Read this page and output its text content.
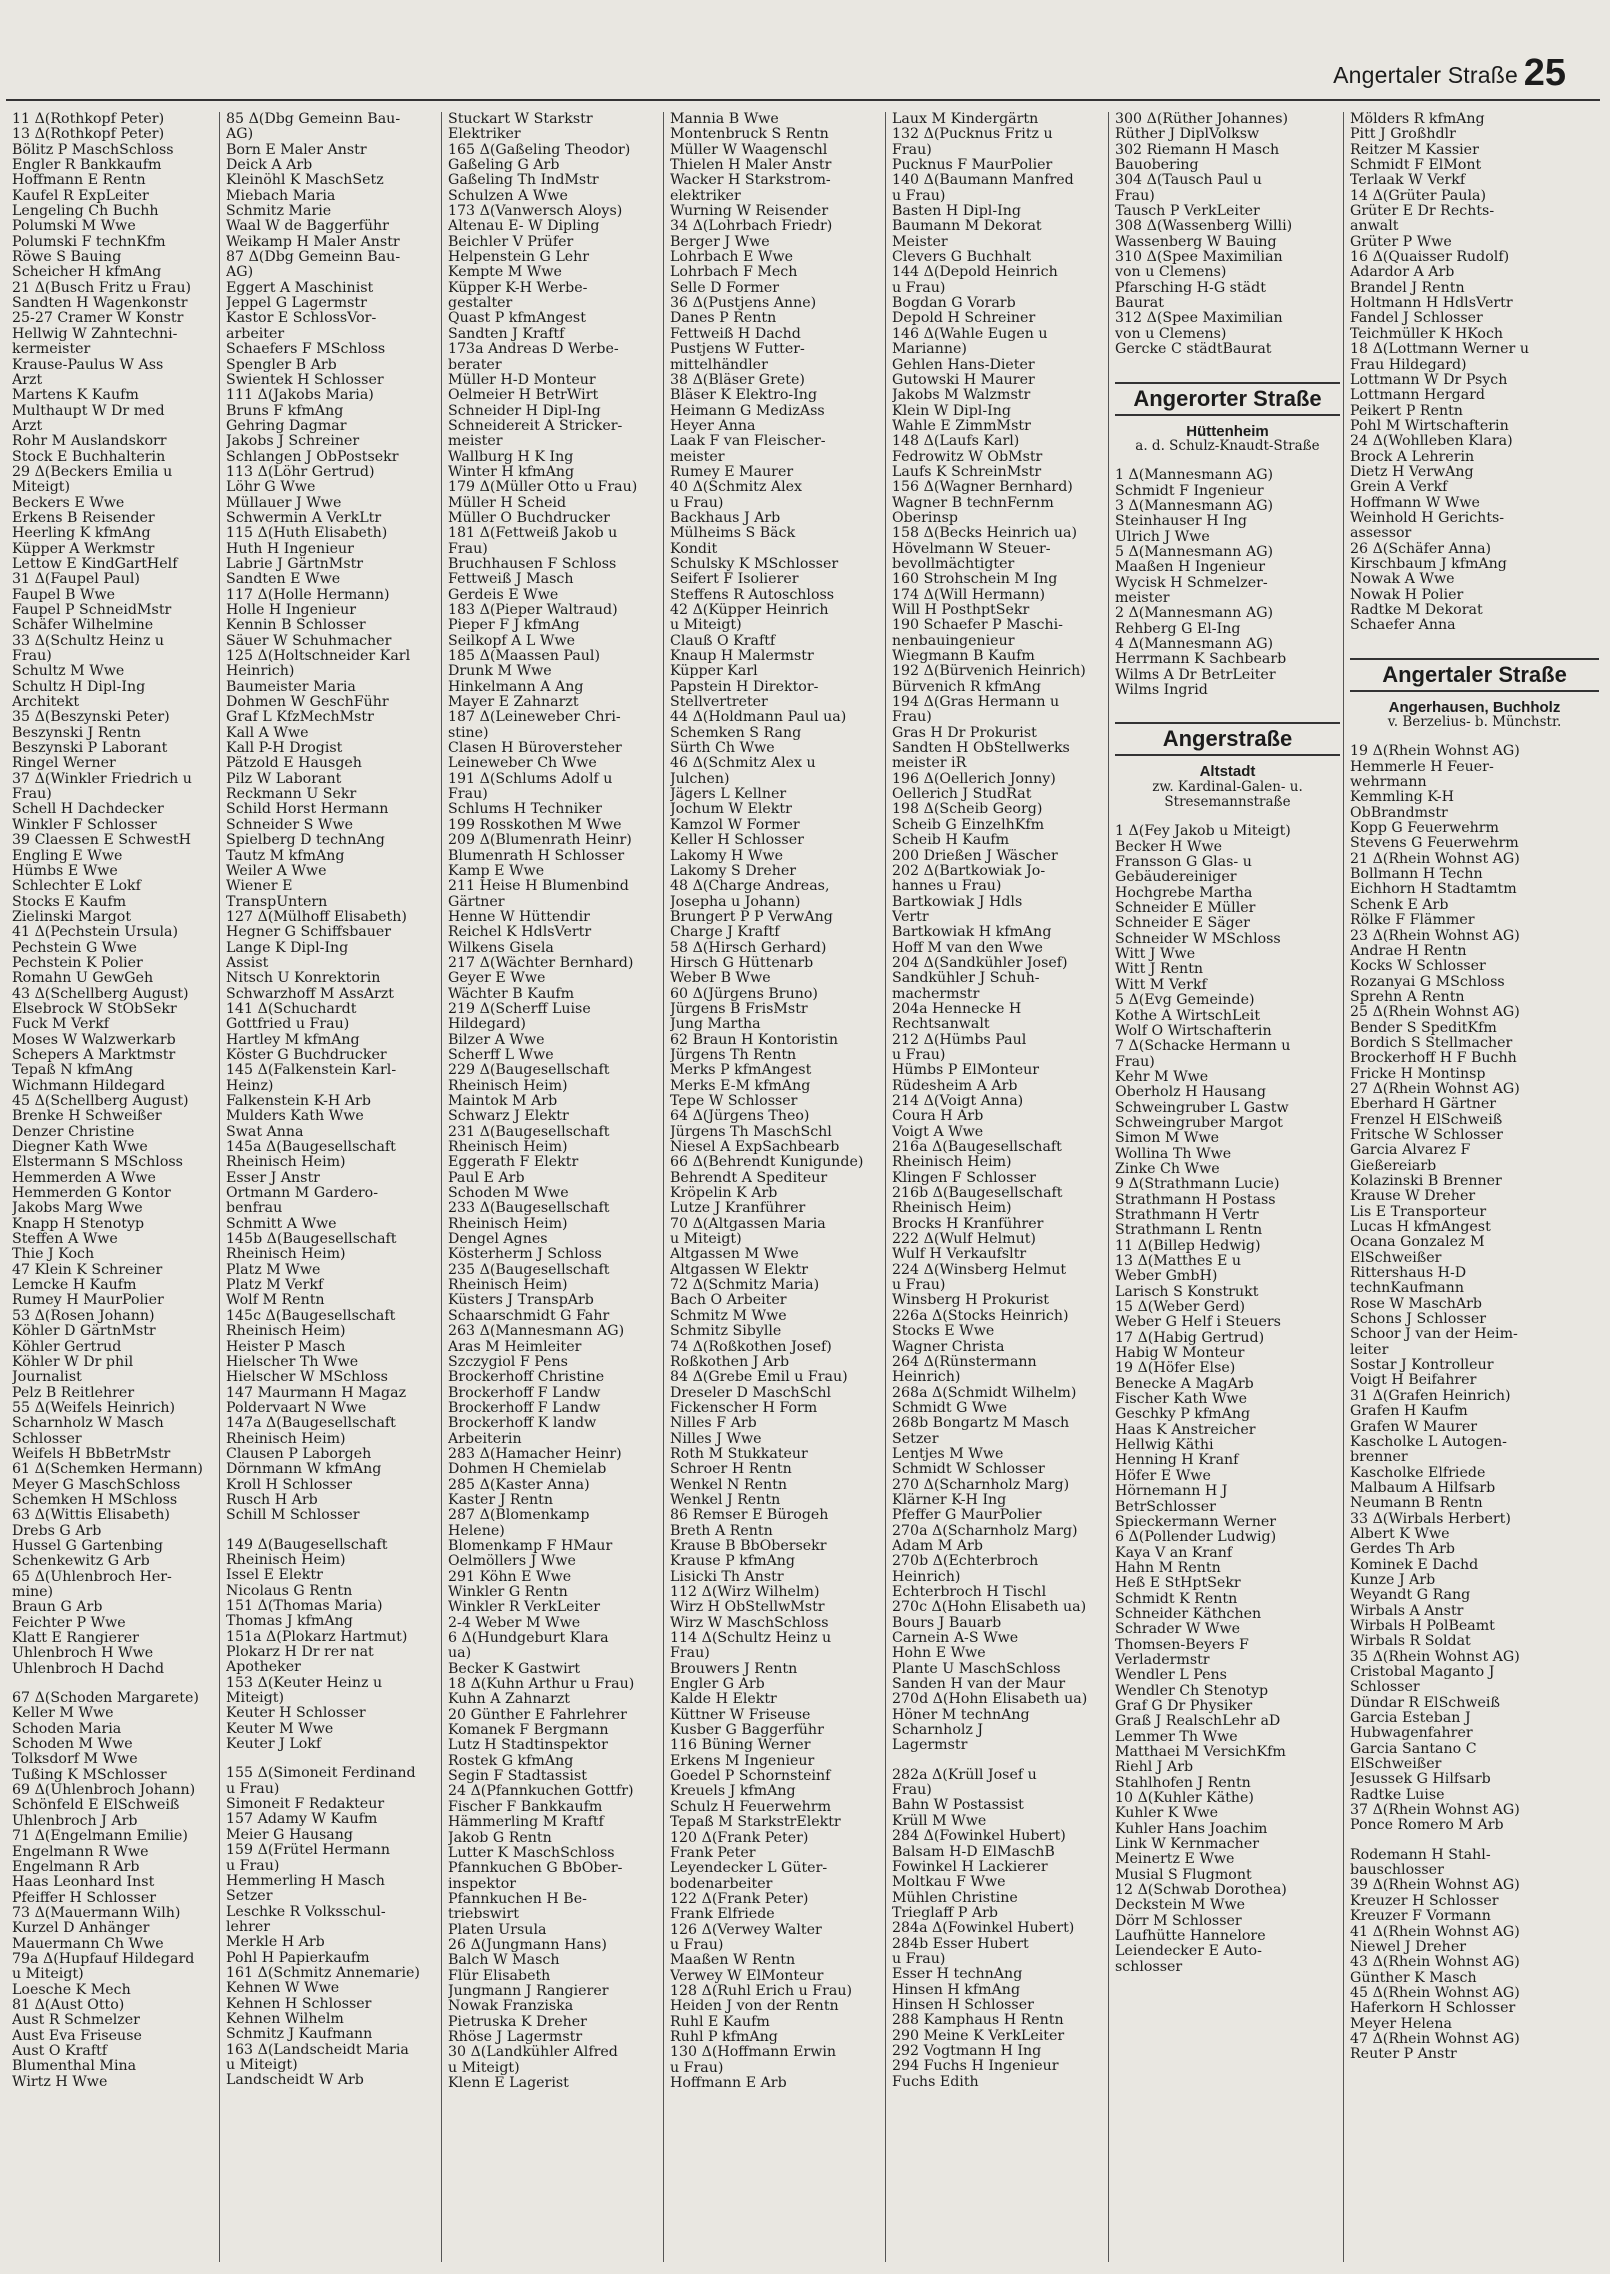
Angertaler Straße 25
11 Δ(Rothkopf Peter)
13 Δ(Rothkopf Peter)
Bölitz P MaschSchloss
Engler R Bankkaufm
Hoffmann E Rentn
Kaufel R ExpLeiter
Lengeling Ch Buchh
Polumski M Wwe
Polumski F technKfm
Röwe S Bauing
Scheicher H kfmAng
21 Δ(Busch Fritz u Frau)
Sandten H Wagenkonstr
25-27 Cramer W Konstr
Hellwig W Zahntechni-
kermeister
Krause-Paulus W Ass
Arzt
Martens K Kaufm
Multhaupt W Dr med
Arzt
Rohr M Auslandskorr
Stock E Buchhalterin
29 Δ(Beckers Emilia u
Miteigt)
Beckers E Wwe
Erkens B Reisender
Heerling K kfmAng
Küpper A Werkmstr
Lettow E KindGartHelf
31 Δ(Faupel Paul)
Faupel B Wwe
Faupel P SchneidMstr
Schäfer Wilhelmine
33 Δ(Schultz Heinz u
Frau)
Schultz M Wwe
Schultz H Dipl-Ing
Architekt
35 Δ(Beszynski Peter)
Beszynski J Rentn
Beszynski P Laborant
Ringel Werner
37 Δ(Winkler Friedrich u
Frau)
Schell H Dachdecker
Winkler F Schlosser
39 Claessen E SchwestH
Engling E Wwe
Hümbs E Wwe
Schlechter E Lokf
Stocks E Kaufm
Zielinski Margot
41 Δ(Pechstein Ursula)
Pechstein G Wwe
Pechstein K Polier
Romahn U GewGeh
43 Δ(Schellberg August)
Elsebrock W StObSekr
Fuck M Verkf
Moses W Walzwerkarb
Schepers A Marktmstr
Tepaß N kfmAng
Wichmann Hildegard
45 Δ(Schellberg August)
Brenke H Schweißer
Denzer Christine
Diegner Kath Wwe
Elstermann S MSchloss
Hemmerden A Wwe
Hemmerden G Kontor
Jakobs Marg Wwe
Knapp H Stenotyp
Steffen A Wwe
Thie J Koch
47 Klein K Schreiner
Lemcke H Kaufm
Rumey H MaurPolier
53 Δ(Rosen Johann)
Köhler D GärtnMstr
Köhler Gertrud
Köhler W Dr phil
Journalist
Pelz B Reitlehrer
55 Δ(Weifels Heinrich)
Scharnholz W Masch
Schlosser
Weifels H BbBetrMstr
61 Δ(Schemken Hermann)
Meyer G MaschSchloss
Schemken H MSchloss
63 Δ(Wittis Elisabeth)
Drebs G Arb
Hussel G Gartenbing
Schenkewitz G Arb
65 Δ(Uhlenbroch Her-
mine)
Braun G Arb
Feichter P Wwe
Klatt E Rangierer
Uhlenbroch H Wwe
Uhlenbroch H Dachd
67 Δ(Schoden Margarete)
Keller M Wwe
Schoden Maria
Schoden M Wwe
Tolksdorf M Wwe
Tußing K MSchlosser
69 Δ(Uhlenbroch Johann)
Schönfeld E ElSchweiß
Uhlenbroch J Arb
71 Δ(Engelmann Emilie)
Engelmann R Wwe
Engelmann R Arb
Haas Leonhard Inst
Pfeiffer H Schlosser
73 Δ(Mauermann Wilh)
Kurzel D Anhänger
Mauermann Ch Wwe
79a Δ(Hupfauf Hildegard
u Miteigt)
Loesche K Mech
81 Δ(Aust Otto)
Aust R Schmelzer
Aust Eva Friseuse
Aust O Kraftf
Blumenthal Mina
Wirtz H Wwe
85 Δ(Dbg Gemeinn Bau-
AG)
Born E Maler Anstr
Deick A Arb
Kleinöhl K MaschSetz
Miebach Maria
Schmitz Marie
Waal W de Baggerführ
Weikamp H Maler Anstr
87 Δ(Dbg Gemeinn Bau-
AG)
Eggert A Maschinist
Jeppel G Lagermstr
Kastor E SchlossVor-
arbeiter
Schaefers F MSchloss
Spengler B Arb
Swientek H Schlosser
111 Δ(Jakobs Maria)
Bruns F kfmAng
Gehring Dagmar
Jakobs J Schreiner
Schlangen J ObPostsekr
113 Δ(Löhr Gertrud)
Löhr G Wwe
Müllauer J Wwe
Schwermin A VerkLtr
115 Δ(Huth Elisabeth)
Huth H Ingenieur
Labrie J GärtnMstr
Sandten E Wwe
117 Δ(Holle Hermann)
Holle H Ingenieur
Kennin B Schlosser
Säuer W Schuhmacher
125 Δ(Holtschneider Karl
Heinrich)
Baumeister Maria
Dohmen W GeschFühr
Graf L KfzMechMstr
Kall A Wwe
Kall P-H Drogist
Pätzold E Hausgeh
Pilz W Laborant
Reckmann U Sekr
Schild Horst Hermann
Schneider S Wwe
Spielberg D technAng
Tautz M kfmAng
Weiler A Wwe
Wiener E
TranspUntern
127 Δ(Mülhoff Elisabeth)
Hegner G Schiffsbauer
Lange K Dipl-Ing
Assist
Nitsch U Konrektorin
Schwarzhoff M AssArzt
141 Δ(Schuchardt
Gottfried u Frau)
Hartley M kfmAng
Köster G Buchdrucker
145 Δ(Falkenstein Karl-
Heinz)
Falkenstein K-H Arb
Mulders Kath Wwe
Swat Anna
145a Δ(Baugesellschaft
Rheinisch Heim)
Esser J Anstr
Ortmann M Gardero-
benfrau
Schmitt A Wwe
145b Δ(Baugesellschaft
Rheinisch Heim)
Platz M Wwe
Platz M Verkf
Wolf M Rentn
145c Δ(Baugesellschaft
Rheinisch Heim)
Heister P Masch
Hielscher Th Wwe
Hielscher W MSchloss
147 Maurmann H Magaz
Poldervaart N Wwe
147a Δ(Baugesellschaft
Rheinisch Heim)
Clausen P Laborgeh
Dörnmann W kfmAng
Kroll H Schlosser
Rusch H Arb
Schill M Schlosser
149 Δ(Baugesellschaft
Rheinisch Heim)
Issel E Elektr
Nicolaus G Rentn
151 Δ(Thomas Maria)
Thomas J kfmAng
151a Δ(Plokarz Hartmut)
Plokarz H Dr rer nat
Apotheker
153 Δ(Keuter Heinz u
Miteigt)
Keuter H Schlosser
Keuter M Wwe
Keuter J Lokf
155 Δ(Simoneit Ferdinand
u Frau)
Simoneit F Redakteur
157 Adamy W Kaufm
Meier G Hausang
159 Δ(Frütel Hermann
u Frau)
Hemmerling H Masch
Setzer
Leschke R Volksschul-
lehrer
Merkle H Arb
Pohl H Papierkaufm
161 Δ(Schmitz Annemarie)
Kehnen W Wwe
Kehnen H Schlosser
Kehnen Wilhelm
Schmitz J Kaufmann
163 Δ(Landscheidt Maria
u Miteigt)
Landscheidt W Arb
Stuckart W Starkstr
Elektriker
165 Δ(Gaßeling Theodor)
Gaßeling G Arb
Gaßeling Th IndMstr
Schulzen A Wwe
173 Δ(Vanwersch Aloys)
Altenau E- W Dipling
Beichler V Prüfer
Helpenstein G Lehr
Kempte M Wwe
Küpper K-H Werbe-
gestalter
Quast P kfmAngest
Sandten J Kraftf
173a Andreas D Werbe-
berater
Müller H-D Monteur
Oelmeier H BetrWirt
Schneider H Dipl-Ing
Schneidereit A Stricker-
meister
Wallburg H K Ing
Winter H kfmAng
179 Δ(Müller Otto u Frau)
Müller H Scheid
Müller O Buchdrucker
181 Δ(Fettweiß Jakob u
Frau)
Bruchhausen F Schloss
Fettweiß J Masch
Gerdeis E Wwe
183 Δ(Pieper Waltraud)
Pieper F J kfmAng
Seilkopf A L Wwe
185 Δ(Maassen Paul)
Drunk M Wwe
Hinkelmann A Ang
Mayer E Zahnarzt
187 Δ(Leineweber Chri-
stine)
Clasen H Büroversteher
Leineweber Ch Wwe
191 Δ(Schlums Adolf u
Frau)
Schlums H Techniker
199 Rosskothen M Wwe
209 Δ(Blumenrath Heinr)
Blumenrath H Schlosser
Kamp E Wwe
211 Heise H Blumenbind
Gärtner
Henne W Hüttendir
Reichel K HdlsVertr
Wilkens Gisela
217 Δ(Wächter Bernhard)
Geyer E Wwe
Wächter B Kaufm
219 Δ(Scherff Luise
Hildegard)
Bilzer A Wwe
Scherff L Wwe
229 Δ(Baugesellschaft
Rheinisch Heim)
Maintok M Arb
Schwarz J Elektr
231 Δ(Baugesellschaft
Rheinisch Heim)
Eggerath F Elektr
Paul E Arb
Schoden M Wwe
233 Δ(Baugesellschaft
Rheinisch Heim)
Dengel Agnes
Kösterherm J Schloss
235 Δ(Baugesellschaft
Rheinisch Heim)
Küsters J TranspArb
Schaarschmidt G Fahr
263 Δ(Mannesmann AG)
Aras M Heimleiter
Szczygiol F Pens
Brockerhoff Christine
Brockerhoff F Landw
Brockerhoff F Landw
Brockerhoff K landw
Arbeiterin
283 Δ(Hamacher Heinr)
Dohmen H Chemielab
285 Δ(Kaster Anna)
Kaster J Rentn
287 Δ(Blomenkamp
Helene)
Blomenkamp F HMaur
Oelmöllers J Wwe
291 Köhn E Wwe
Winkler G Rentn
Winkler R VerkLeiter
2-4 Weber M Wwe
6 Δ(Hundgeburt Klara
ua)
Becker K Gastwirt
18 Δ(Kuhn Arthur u Frau)
Kuhn A Zahnarzt
20 Günther E Fahrlehrer
Komanek F Bergmann
Lutz H Stadtinspektor
Rostek G kfmAng
Segin F Stadtassist
24 Δ(Pfannkuchen Gottfr)
Fischer F Bankkaufm
Hämmerling M Kraftf
Jakob G Rentn
Lutter K MaschSchloss
Pfannkuchen G BbOber-
inspektor
Pfannkuchen H Be-
triebswirt
Platen Ursula
26 Δ(Jungmann Hans)
Balch W Masch
Flür Elisabeth
Jungmann J Rangierer
Nowak Franziska
Pietruska K Dreher
Rhöse J Lagermstr
30 Δ(Landkühler Alfred
u Miteigt)
Klenn E Lagerist
Mannia B Wwe
Montenbruck S Rentn
Müller W Waagenschl
Thielen H Maler Anstr
Wacker H Starkstrom-
elektriker
Wurning W Reisender
34 Δ(Lohrbach Friedr)
Berger J Wwe
Lohrbach E Wwe
Lohrbach F Mech
Selle D Former
36 Δ(Pustjens Anne)
Danes P Rentn
Fettweiß H Dachd
Pustjens W Futter-
mittelhändler
38 Δ(Bläser Grete)
Bläser K Elektro-Ing
Heimann G MedizAss
Heyer Anna
Laak F van Fleischer-
meister
Rumey E Maurer
40 Δ(Schmitz Alex
u Frau)
Backhaus J Arb
Mülheims S Bäck
Kondit
Schulsky K MSchlosser
Seifert F Isolierer
Steffens R Autoschloss
42 Δ(Küpper Heinrich
u Miteigt)
Clauß O Kraftf
Knaup H Malermstr
Küpper Karl
Papstein H Direktor-
Stellvertreter
44 Δ(Holdmann Paul ua)
Schemken S Rang
Sürth Ch Wwe
46 Δ(Schmitz Alex u
Julchen)
Jägers L Kellner
Jochum W Elektr
Kamzol W Former
Keller H Schlosser
Lakomy H Wwe
Lakomy S Dreher
48 Δ(Charge Andreas,
Josepha u Johann)
Brungert P P VerwAng
Charge J Kraftf
58 Δ(Hirsch Gerhard)
Hirsch G Hüttenarb
Weber B Wwe
60 Δ(Jürgens Bruno)
Jürgens B FrisMstr
Jung Martha
62 Braun H Kontoristin
Jürgens Th Rentn
Merks P kfmAngest
Merks E-M kfmAng
Tepe W Schlosser
64 Δ(Jürgens Theo)
Jürgens Th MaschSchl
Niesel A ExpSachbearb
66 Δ(Behrendt Kunigunde)
Behrendt A Spediteur
Kröpelin K Arb
Lutze J Kranführer
70 Δ(Altgassen Maria
u Miteigt)
Altgassen M Wwe
Altgassen W Elektr
72 Δ(Schmitz Maria)
Bach O Arbeiter
Schmitz M Wwe
Schmitz Sibylle
74 Δ(Roßkothen Josef)
Roßkothen J Arb
84 Δ(Grebe Emil u Frau)
Dreseler D MaschSchl
Fickenscher H Form
Nilles F Arb
Nilles J Wwe
Roth M Stukkateur
Schroer H Rentn
Wenkel N Rentn
Wenkel J Rentn
86 Remser E Bürogeh
Breth A Rentn
Krause B BbObersekr
Krause P kfmAng
Lisicki Th Anstr
112 Δ(Wirz Wilhelm)
Wirz H ObStellwMstr
Wirz W MaschSchloss
114 Δ(Schultz Heinz u
Frau)
Brouwers J Rentn
Engler G Arb
Kalde H Elektr
Küttner W Friseuse
Kusber G Baggerführ
116 Büning Werner
Erkens M Ingenieur
Goedel P Schornsteinf
Kreuels J kfmAng
Schulz H Feuerwehrm
Tepaß M StarkstrElektr
120 Δ(Frank Peter)
Frank Peter
Leyendecker L Güter-
bodenarbeiter
122 Δ(Frank Peter)
Frank Elfriede
126 Δ(Verwey Walter
u Frau)
Maaßen W Rentn
Verwey W ElMonteur
128 Δ(Ruhl Erich u Frau)
Heiden J von der Rentn
Ruhl E Kaufm
Ruhl P kfmAng
130 Δ(Hoffmann Erwin
u Frau)
Hoffmann E Arb
Laux M Kindergärtn
132 Δ(Pucknus Fritz u
Frau)
Pucknus F MaurPolier
140 Δ(Baumann Manfred
u Frau)
Basten H Dipl-Ing
Baumann M Dekorat
Meister
Clevers G Buchhalt
144 Δ(Depold Heinrich
u Frau)
Bogdan G Vorarb
Depold H Schreiner
146 Δ(Wahle Eugen u
Marianne)
Gehlen Hans-Dieter
Gutowski H Maurer
Jakobs M Walzmstr
Klein W Dipl-Ing
Wahle E ZimmMstr
148 Δ(Laufs Karl)
Fedrowitz W ObMstr
Laufs K SchreinMstr
156 Δ(Wagner Bernhard)
Wagner B technFernm
Oberinsp
158 Δ(Becks Heinrich ua)
Hövelmann W Steuer-
bevollmächtigter
160 Strohschein M Ing
174 Δ(Will Hermann)
Will H PosthptSekr
190 Schaefer P Maschi-
nenbauingenieur
Wiegmann B Kaufm
192 Δ(Bürvenich Heinrich)
Bürvenich R kfmAng
194 Δ(Gras Hermann u
Frau)
Gras H Dr Prokurist
Sandten H ObStellwerks
meister iR
196 Δ(Oellerich Jonny)
Oellerich J StudRat
198 Δ(Scheib Georg)
Scheib G EinzelhKfm
Scheib H Kaufm
200 Drießen J Wäscher
202 Δ(Bartkowiak Jo-
hannes u Frau)
Bartkowiak J Hdls
Vertr
Bartkowiak H kfmAng
Hoff M van den Wwe
204 Δ(Sandkühler Josef)
Sandkühler J Schuh-
machermstr
204a Hennecke H
Rechtsanwalt
212 Δ(Hümbs Paul
u Frau)
Hümbs P ElMonteur
Rüdesheim A Arb
214 Δ(Voigt Anna)
Coura H Arb
Voigt A Wwe
216a Δ(Baugesellschaft
Rheinisch Heim)
Klingen F Schlosser
216b Δ(Baugesellschaft
Rheinisch Heim)
Brocks H Kranführer
222 Δ(Wulf Helmut)
Wulf H Verkaufsltr
224 Δ(Winsberg Helmut
u Frau)
Winsberg H Prokurist
226a Δ(Stocks Heinrich)
Stocks E Wwe
Wagner Christa
264 Δ(Rünstermann
Heinrich)
268a Δ(Schmidt Wilhelm)
Schmidt G Wwe
268b Bongartz M Masch
Setzer
Lentjes M Wwe
Schmidt W Schlosser
270 Δ(Scharnholz Marg)
Klärner K-H Ing
Pfeffer G MaurPolier
270a Δ(Scharnholz Marg)
Adam M Arb
270b Δ(Echterbroch
Heinrich)
Echterbroch H Tischl
270c Δ(Hohn Elisabeth ua)
Bours J Bauarb
Carnein A-S Wwe
Hohn E Wwe
Plante U MaschSchloss
Sanden H van der Maur
270d Δ(Hohn Elisabeth ua)
Höner M technAng
Scharnholz J
Lagermstr
282a Δ(Krüll Josef u
Frau)
Bahn W Postassist
Krüll M Wwe
284 Δ(Fowinkel Hubert)
Balsam H-D ElMaschB
Fowinkel H Lackierer
Moltkau F Wwe
Mühlen Christine
Trieglaff P Arb
284a Δ(Fowinkel Hubert)
284b Esser Hubert
u Frau)
Esser H technAng
Hinsen H kfmAng
Hinsen H Schlosser
288 Kamphaus H Rentn
290 Meine K VerkLeiter
292 Vogtmann H Ing
294 Fuchs H Ingenieur
Fuchs Edith
300 Δ(Rüther Johannes)
Rüther J DiplVolksw
302 Riemann H Masch
Bauobering
304 Δ(Tausch Paul u
Frau)
Tausch P VerkLeiter
308 Δ(Wassenberg Willi)
Wassenberg W Bauing
310 Δ(Spee Maximilian
von u Clemens)
Pfarsching H-G städt
Baurat
312 Δ(Spee Maximilian
von u Clemens)
Gercke C städtBaurat
Angerorter Straße
Hüttenheim
a. d. Schulz-Knaudt-Straße
1 Δ(Mannesmann AG)
Schmidt F Ingenieur
3 Δ(Mannesmann AG)
Steinhauser H Ing
Ulrich J Wwe
5 Δ(Mannesmann AG)
Maaßen H Ingenieur
Wycisk H Schmelzer-
meister
2 Δ(Mannesmann AG)
Rehberg G El-Ing
4 Δ(Mannesmann AG)
Herrmann K Sachbearb
Wilms A Dr BetrLeiter
Wilms Ingrid
Angerstraße
Altstadt
zw. Kardinal-Galen- u.
Stresemannstraße
1 Δ(Fey Jakob u Miteigt)
Becker H Wwe
Fransson G Glas- u
Gebäudereiniger
Hochgrebe Martha
Schneider E Müller
Schneider E Säger
Schneider W MSchloss
Witt J Wwe
Witt J Rentn
Witt M Verkf
5 Δ(Evg Gemeinde)
Kothe A WirtschLeit
Wolf O Wirtschafterin
7 Δ(Schacke Hermann u
Frau)
Kehr M Wwe
Oberholz H Hausang
Schweingruber L Gastw
Schweingruber Margot
Simon M Wwe
Wollina Th Wwe
Zinke Ch Wwe
9 Δ(Strathmann Lucie)
Strathmann H Postass
Strathmann H Vertr
Strathmann L Rentn
11 Δ(Billep Hedwig)
13 Δ(Matthes E u
Weber GmbH)
Larisch S Konstrukt
15 Δ(Weber Gerd)
Weber G Helf i Steuers
17 Δ(Habig Gertrud)
Habig W Monteur
19 Δ(Höfer Else)
Benecke A MagArb
Fischer Kath Wwe
Geschky P kfmAng
Haas K Anstreicher
Hellwig Käthi
Henning H Kranf
Höfer E Wwe
Hörnemann H J
BetrSchlosser
Spieckermann Werner
6 Δ(Pollender Ludwig)
Kaya V an Kranf
Hahn M Rentn
Heß E StHptSekr
Schmidt K Rentn
Schneider Käthchen
Schrader W Wwe
Thomsen-Beyers F
Verladermstr
Wendler L Pens
Wendler Ch Stenotyp
Graf G Dr Physiker
Graß J RealschLehr aD
Lemmer Th Wwe
Matthaei M VersichKfm
Riehl J Arb
Stahlhofen J Rentn
10 Δ(Kuhler Käthe)
Kuhler K Wwe
Kuhler Hans Joachim
Link W Kernmacher
Meinertz E Wwe
Musial S Flugmont
12 Δ(Schwab Dorothea)
Deckstein M Wwe
Dörr M Schlosser
Laufhütte Hannelore
Leiendecker E Auto-
schlosser
Mölders R kfmAng
Pitt J Großhdlr
Reitzer M Kassier
Schmidt F ElMont
Terlaak W Verkf
14 Δ(Grüter Paula)
Grüter E Dr Rechts-
anwalt
Grüter P Wwe
16 Δ(Quaisser Rudolf)
Adardor A Arb
Brandel J Rentn
Holtmann H HdlsVertr
Fandel J Schlosser
Teichmüller K HKoch
18 Δ(Lottmann Werner u
Frau Hildegard)
Lottmann W Dr Psych
Lottmann Hergard
Peikert P Rentn
Pohl M Wirtschafterin
24 Δ(Wohlleben Klara)
Brock A Lehrerin
Dietz H VerwAng
Grein A Verkf
Hoffmann W Wwe
Weinhold H Gerichts-
assessor
26 Δ(Schäfer Anna)
Kirschbaum J kfmAng
Nowak A Wwe
Nowak H Polier
Radtke M Dekorat
Schaefer Anna
Angertaler Straße
Angerhausen, Buchholz
v. Berzelius- b. Münchstr.
19 Δ(Rhein Wohnst AG)
Hemmerle H Feuer-
wehrmann
Kemmling K-H
ObBrandmstr
Kopp G Feuerwehrm
Stevens G Feuerwehrm
21 Δ(Rhein Wohnst AG)
Bollmann H Techn
Eichhorn H Stadtamtm
Schenk E Arb
Rölke F Flämmer
23 Δ(Rhein Wohnst AG)
Andrae H Rentn
Kocks W Schlosser
Rozanyai G MSchloss
Sprehn A Rentn
25 Δ(Rhein Wohnst AG)
Bender S SpeditKfm
Bordich S Stellmacher
Brockerhoff H F Buchh
Fricke H Montinsp
27 Δ(Rhein Wohnst AG)
Eberhard H Gärtner
Frenzel H ElSchweiß
Fritsche W Schlosser
Garcia Alvarez F
Gießereiarb
Kolazinski B Brenner
Krause W Dreher
Lis E Transporteur
Lucas H kfmAngest
Ocana Gonzalez M
ElSchweißer
Rittershaus H-D
technKaufmann
Rose W MaschArb
Schons J Schlosser
Schoor J van der Heim-
leiter
Sostar J Kontrolleur
Voigt H Beifahrer
31 Δ(Grafen Heinrich)
Grafen H Kaufm
Grafen W Maurer
Kascholke L Autogen-
brenner
Kascholke Elfriede
Malbaum A Hilfsarb
Neumann B Rentn
33 Δ(Wirbals Herbert)
Albert K Wwe
Gerdes Th Arb
Kominek E Dachd
Kunze J Arb
Weyandt G Rang
Wirbals A Anstr
Wirbals H PolBeamt
Wirbals R Soldat
35 Δ(Rhein Wohnst AG)
Cristobal Maganto J
Schlosser
Dündar R ElSchweiß
Garcia Esteban J
Hubwagenfahrer
Garcia Santano C
ElSchweißer
Jesussek G Hilfsarb
Radtke Luise
37 Δ(Rhein Wohnst AG)
Ponce Romero M Arb
Rodemann H Stahl-
bauschlosser
39 Δ(Rhein Wohnst AG)
Kreuzer H Schlosser
Kreuzer F Vormann
41 Δ(Rhein Wohnst AG)
Niewel J Dreher
43 Δ(Rhein Wohnst AG)
Günther K Masch
45 Δ(Rhein Wohnst AG)
Haferkorn H Schlosser
Meyer Helena
47 Δ(Rhein Wohnst AG)
Reuter P Anstr
